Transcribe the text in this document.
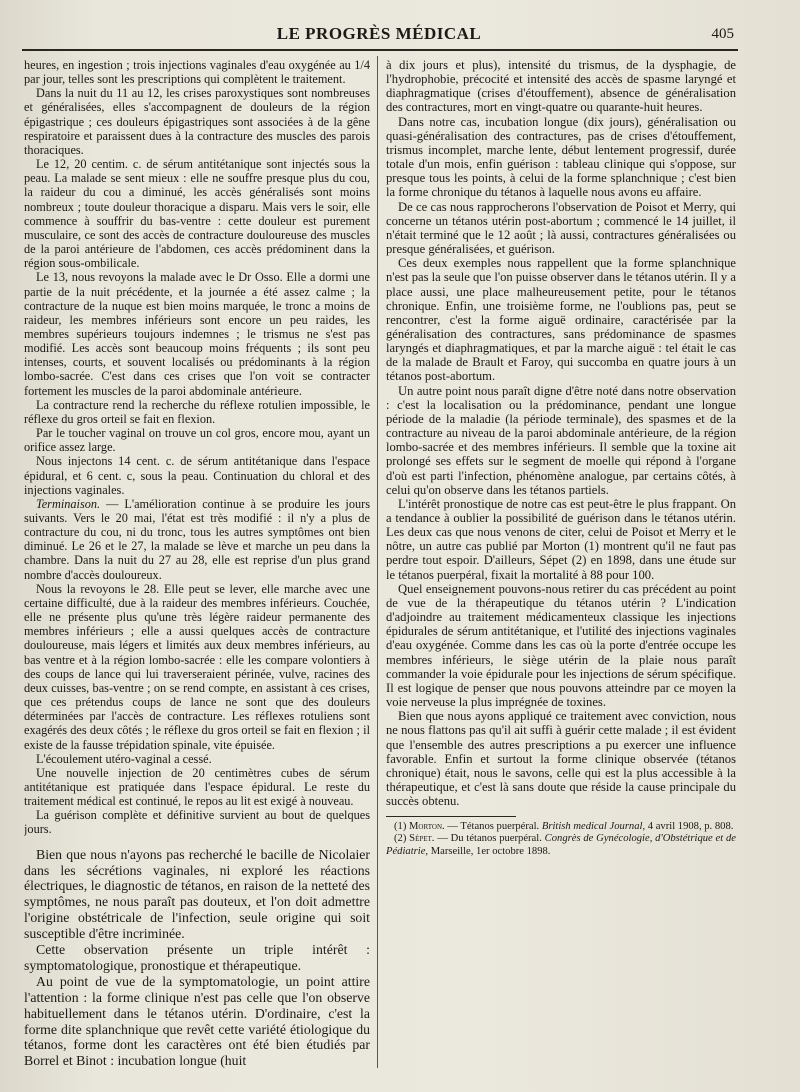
LE PROGRÈS MÉDICAL	405

heures, en ingestion ; trois injections vaginales d'eau oxygénée au 1/4 par jour, telles sont les prescriptions qui complètent le traitement.

Dans la nuit du 11 au 12, les crises paroxystiques sont nombreuses et généralisées, elles s'accompagnent de douleurs de la région épigastrique ; ces douleurs épigastriques sont associées à de la gêne respiratoire et paraissent dues à la contracture des muscles des parois thoraciques.

Le 12, 20 centim. c. de sérum antitétanique sont injectés sous la peau. La malade se sent mieux : elle ne souffre presque plus du cou, la raideur du cou a diminué, les accès généralisés sont moins nombreux ; toute douleur thoracique a disparu. Mais vers le soir, elle commence à souffrir du bas-ventre : cette douleur est purement musculaire, ce sont des accès de contracture douloureuse des muscles de la paroi antérieure de l'abdomen, ces accès prédominent dans la région sous-ombilicale.

Le 13, nous revoyons la malade avec le Dr Osso. Elle a dormi une partie de la nuit précédente, et la journée a été assez calme ; la contracture de la nuque est bien moins marquée, le tronc a moins de raideur, les membres inférieurs sont encore un peu raides, les membres supérieurs toujours indemnes ; le trismus ne s'est pas modifié. Les accès sont beaucoup moins fréquents ; ils sont peu intenses, courts, et souvent localisés ou prédominants à la région lombo-sacrée. C'est dans ces crises que l'on voit se contracter fortement les muscles de la paroi abdominale antérieure.

La contracture rend la recherche du réflexe rotulien impossible, le réflexe du gros orteil se fait en flexion.

Par le toucher vaginal on trouve un col gros, encore mou, ayant un orifice assez large.

Nous injectons 14 cent. c. de sérum antitétanique dans l'espace épidural, et 6 cent. c, sous la peau. Continuation du chloral et des injections vaginales.

Terminaison. — L'amélioration continue à se produire les jours suivants. Vers le 20 mai, l'état est très modifié : il n'y a plus de contracture du cou, ni du tronc, tous les autres symptômes ont bien diminué. Le 26 et le 27, la malade se lève et marche un peu dans la chambre. Dans la nuit du 27 au 28, elle est reprise d'un plus grand nombre d'accès douloureux.

Nous la revoyons le 28. Elle peut se lever, elle marche avec une certaine difficulté, due à la raideur des membres inférieurs. Couchée, elle ne présente plus qu'une très légère raideur permanente des membres inférieurs ; elle a aussi quelques accès de contracture douloureuse, mais légers et limités aux deux membres inférieurs, au bas ventre et à la région lombo-sacrée : elle les compare volontiers à des coups de lance qui lui traverseraient périnée, vulve, racines des deux cuisses, bas-ventre ; on se rend compte, en assistant à ces crises, que ces prétendus coups de lance ne sont que des douleurs déterminées par l'accès de contracture. Les réflexes rotuliens sont exagérés des deux côtés ; le réflexe du gros orteil se fait en flexion ; il existe de la fausse trépidation spinale, vite épuisée.

L'écoulement utéro-vaginal a cessé.

Une nouvelle injection de 20 centimètres cubes de sérum antitétanique est pratiquée dans l'espace épidural. Le reste du traitement médical est continué, le repos au lit est exigé à nouveau.

La guérison complète et définitive survient au bout de quelques jours.

Bien que nous n'ayons pas recherché le bacille de Nicolaier dans les sécrétions vaginales, ni exploré les réactions électriques, le diagnostic de tétanos, en raison de la netteté des symptômes, ne nous paraît pas douteux, et l'on doit admettre l'origine obstétricale de l'infection, seule origine qui soit susceptible d'être incriminée.

Cette observation présente un triple intérêt : symptomatologique, pronostique et thérapeutique.

Au point de vue de la symptomatologie, un point attire l'attention : la forme clinique n'est pas celle que l'on observe habituellement dans le tétanos utérin. D'ordinaire, c'est la forme dite splanchnique que revêt cette variété étiologique du tétanos, forme dont les caractères ont été bien étudiés par Borrel et Binot : incubation longue (huit

à dix jours et plus), intensité du trismus, de la dysphagie, de l'hydrophobie, précocité et intensité des accès de spasme laryngé et diaphragmatique (crises d'étouffement), absence de généralisation des contractures, mort en vingt-quatre ou quarante-huit heures.

Dans notre cas, incubation longue (dix jours), généralisation ou quasi-généralisation des contractures, pas de crises d'étouffement, trismus incomplet, marche lente, début lentement progressif, durée totale d'un mois, enfin guérison : tableau clinique qui s'oppose, sur presque tous les points, à celui de la forme splanchnique ; c'est bien la forme chronique du tétanos à laquelle nous avons eu affaire.

De ce cas nous rapprocherons l'observation de Poisot et Merry, qui concerne un tétanos utérin post-abortum ; commencé le 14 juillet, il n'était terminé que le 12 août ; là aussi, contractures généralisées ou presque généralisées, et guérison.

Ces deux exemples nous rappellent que la forme splanchnique n'est pas la seule que l'on puisse observer dans le tétanos utérin. Il y a place aussi, une place malheureusement petite, pour le tétanos chronique. Enfin, une troisième forme, ne l'oublions pas, peut se rencontrer, c'est la forme aiguë ordinaire, caractérisée par la généralisation des contractures, sans prédominance de spasmes laryngés et diaphragmatiques, et par la marche aiguë : tel était le cas de la malade de Brault et Faroy, qui succomba en quatre jours à un tétanos post-abortum.

Un autre point nous paraît digne d'être noté dans notre observation : c'est la localisation ou la prédominance, pendant une longue période de la maladie (la période terminale), des spasmes et de la contracture au niveau de la paroi abdominale antérieure, de la région lombo-sacrée et des membres inférieurs. Il semble que la toxine ait prolongé ses effets sur le segment de moelle qui répond à l'organe d'où est parti l'infection, phénomène analogue, par certains côtés, à celui qu'on observe dans les tétanos partiels.

L'intérêt pronostique de notre cas est peut-être le plus frappant. On a tendance à oublier la possibilité de guérison dans le tétanos utérin. Les deux cas que nous venons de citer, celui de Poisot et Merry et le nôtre, un autre cas publié par Morton (1) montrent qu'il ne faut pas perdre tout espoir. D'ailleurs, Sépet (2) en 1898, dans une étude sur le tétanos puerpéral, fixait la mortalité à 88 pour 100.

Quel enseignement pouvons-nous retirer du cas précédent au point de vue de la thérapeutique du tétanos utérin ? L'indication d'adjoindre au traitement médicamenteux classique les injections épidurales de sérum antitétanique, et l'utilité des injections vaginales d'eau oxygénée. Comme dans les cas où la porte d'entrée occupe les membres inférieurs, le siège utérin de la plaie nous paraît commander la voie épidurale pour les injections de sérum spécifique. Il est logique de penser que nous pouvons atteindre par ce moyen la voie nerveuse la plus imprégnée de toxines.

Bien que nous ayons appliqué ce traitement avec conviction, nous ne nous flattons pas qu'il ait suffi à guérir cette malade ; il est évident que l'ensemble des autres prescriptions a pu exercer une influence favorable. Enfin et surtout la forme clinique observée (tétanos chronique) était, nous le savons, celle qui est la plus accessible à la thérapeutique, et c'est là sans doute que réside la cause principale du succès obtenu.

(1) Morton. — Tétanos puerpéral. British medical Journal, 4 avril 1908, p. 808.

(2) Sépet. — Du tétanos puerpéral. Congrès de Gynécologie, d'Obstétrique et de Pédiatrie, Marseille, 1er octobre 1898.
